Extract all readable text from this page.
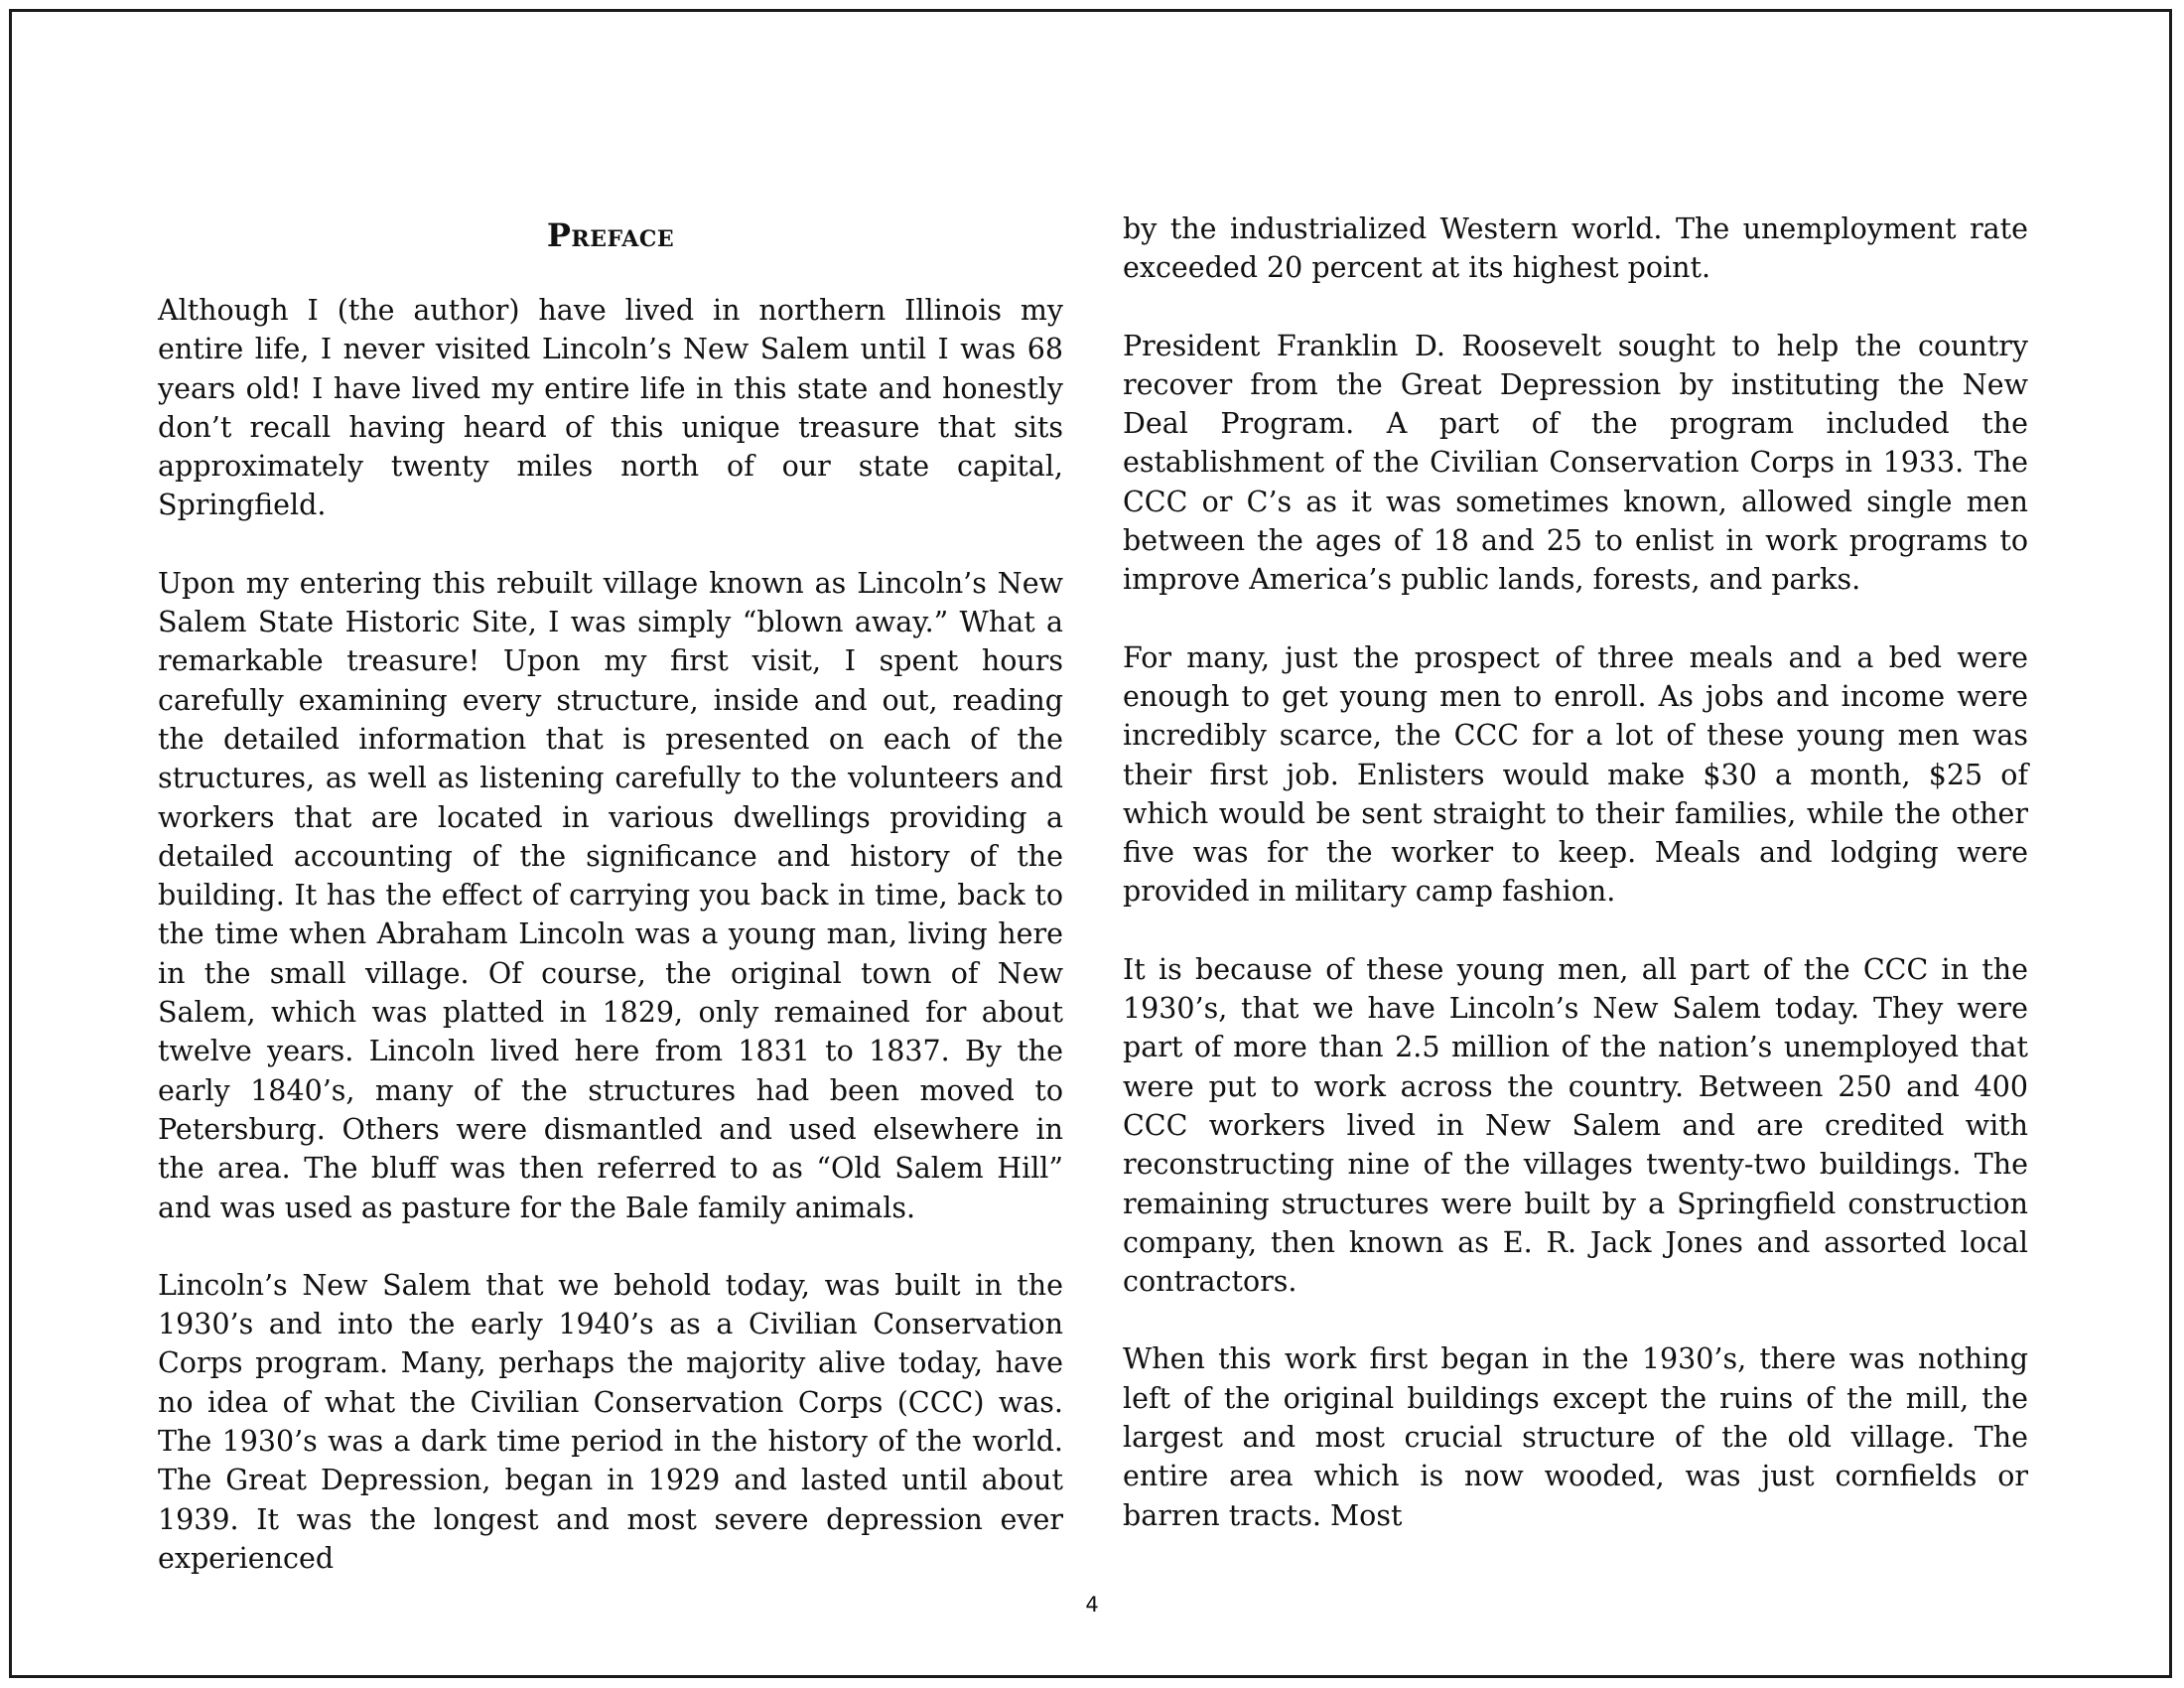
Preface

Although I (the author) have lived in northern Illinois my entire life, I never visited Lincoln’s New Salem until I was 68 years old! I have lived my entire life in this state and honestly don’t recall having heard of this unique treasure that sits approximately twenty miles north of our state capital, Springfield.

Upon my entering this rebuilt village known as Lincoln’s New Salem State Historic Site, I was simply “blown away.” What a remarkable treasure! Upon my first visit, I spent hours carefully examining every structure, inside and out, reading the detailed information that is presented on each of the structures, as well as listening carefully to the volunteers and workers that are located in various dwellings providing a detailed accounting of the significance and history of the building. It has the effect of carrying you back in time, back to the time when Abraham Lincoln was a young man, living here in the small village. Of course, the original town of New Salem, which was platted in 1829, only remained for about twelve years. Lincoln lived here from 1831 to 1837. By the early 1840’s, many of the structures had been moved to Petersburg. Others were dismantled and used elsewhere in the area. The bluff was then referred to as “Old Salem Hill” and was used as pasture for the Bale family animals.

Lincoln’s New Salem that we behold today, was built in the 1930’s and into the early 1940’s as a Civilian Conservation Corps program. Many, perhaps the majority alive today, have no idea of what the Civilian Conservation Corps (CCC) was. The 1930’s was a dark time period in the history of the world. The Great Depression, began in 1929 and lasted until about 1939. It was the longest and most severe depression ever experienced

by the industrialized Western world. The unemployment rate exceeded 20 percent at its highest point.

President Franklin D. Roosevelt sought to help the country recover from the Great Depression by instituting the New Deal Program. A part of the program included the establishment of the Civilian Conservation Corps in 1933. The CCC or C’s as it was sometimes known, allowed single men between the ages of 18 and 25 to enlist in work programs to improve America’s public lands, forests, and parks.

For many, just the prospect of three meals and a bed were enough to get young men to enroll. As jobs and income were incredibly scarce, the CCC for a lot of these young men was their first job. Enlisters would make $30 a month, $25 of which would be sent straight to their families, while the other five was for the worker to keep. Meals and lodging were provided in military camp fashion.

It is because of these young men, all part of the CCC in the 1930’s, that we have Lincoln’s New Salem today. They were part of more than 2.5 million of the nation’s unemployed that were put to work across the country. Between 250 and 400 CCC workers lived in New Salem and are credited with reconstructing nine of the villages twenty-two buildings. The remaining structures were built by a Springfield construction company, then known as E. R. Jack Jones and assorted local contractors.

When this work first began in the 1930’s, there was nothing left of the original buildings except the ruins of the mill, the largest and most crucial structure of the old village. The entire area which is now wooded, was just cornfields or barren tracts. Most

4
